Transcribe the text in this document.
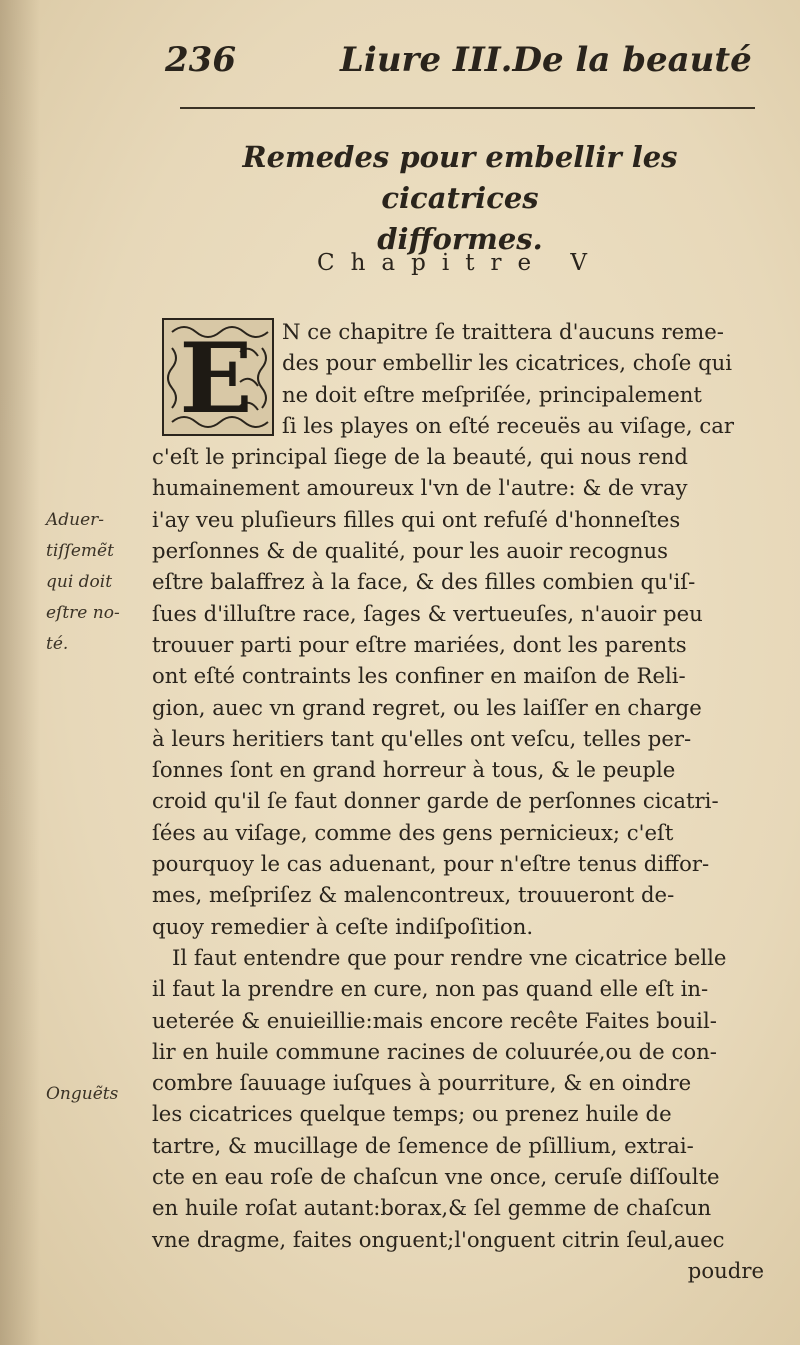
236	Liure III.De la beauté
Remedes pour embellir les cicatrices
difformes.
Chapitre V
E N ce chapitre ſe traittera d'aucuns reme-
des pour embellir les cicatrices, choſe qui
ne doit eſtre meſpriſée, principalement
ſi les playes on eſté receuës au viſage, car
c'eſt le principal ſiege de la beauté, qui nous rend
humainement amoureux l'vn de l'autre: & de vray
i'ay veu pluſieurs filles qui ont refuſé d'honneſtes
perſonnes & de qualité, pour les auoir recognus
eſtre balaffrez à la face, & des filles combien qu'iſ-
ſues d'illuſtre race, ſages & vertueuſes, n'auoir peu
trouuer parti pour eſtre mariées, dont les parents
ont eſté contraints les confiner en maiſon de Reli-
gion, auec vn grand regret, ou les laiſſer en charge
à leurs heritiers tant qu'elles ont veſcu, telles per-
ſonnes ſont en grand horreur à tous, & le peuple
croid qu'il ſe faut donner garde de perſonnes cicatri-
ſées au viſage, comme des gens pernicieux; c'eſt
pourquoy le cas aduenant, pour n'eſtre tenus diffor-
mes, meſpriſez & malencontreux, trouueront de-
quoy remedier à ceſte indiſpoſition.
Il faut entendre que pour rendre vne cicatrice belle
il faut la prendre en cure, non pas quand elle eſt in-
ueterée & enuieillie:mais encore recête Faites bouil-
lir en huile commune racines de coluurée,ou de con-
combre ſauuage iuſques à pourriture, & en oindre
les cicatrices quelque temps; ou prenez huile de
tartre, & mucillage de ſemence de pſillium, extrai-
cte en eau roſe de chaſcun vne once, ceruſe diſſoulte
en huile roſat autant:borax,& ſel gemme de chaſcun
vne dragme, faites onguent;l'onguent citrin ſeul,auec
poudre
Aduer-
tiſſemẽt
qui doit
eſtre no-
té.
Onguẽts
